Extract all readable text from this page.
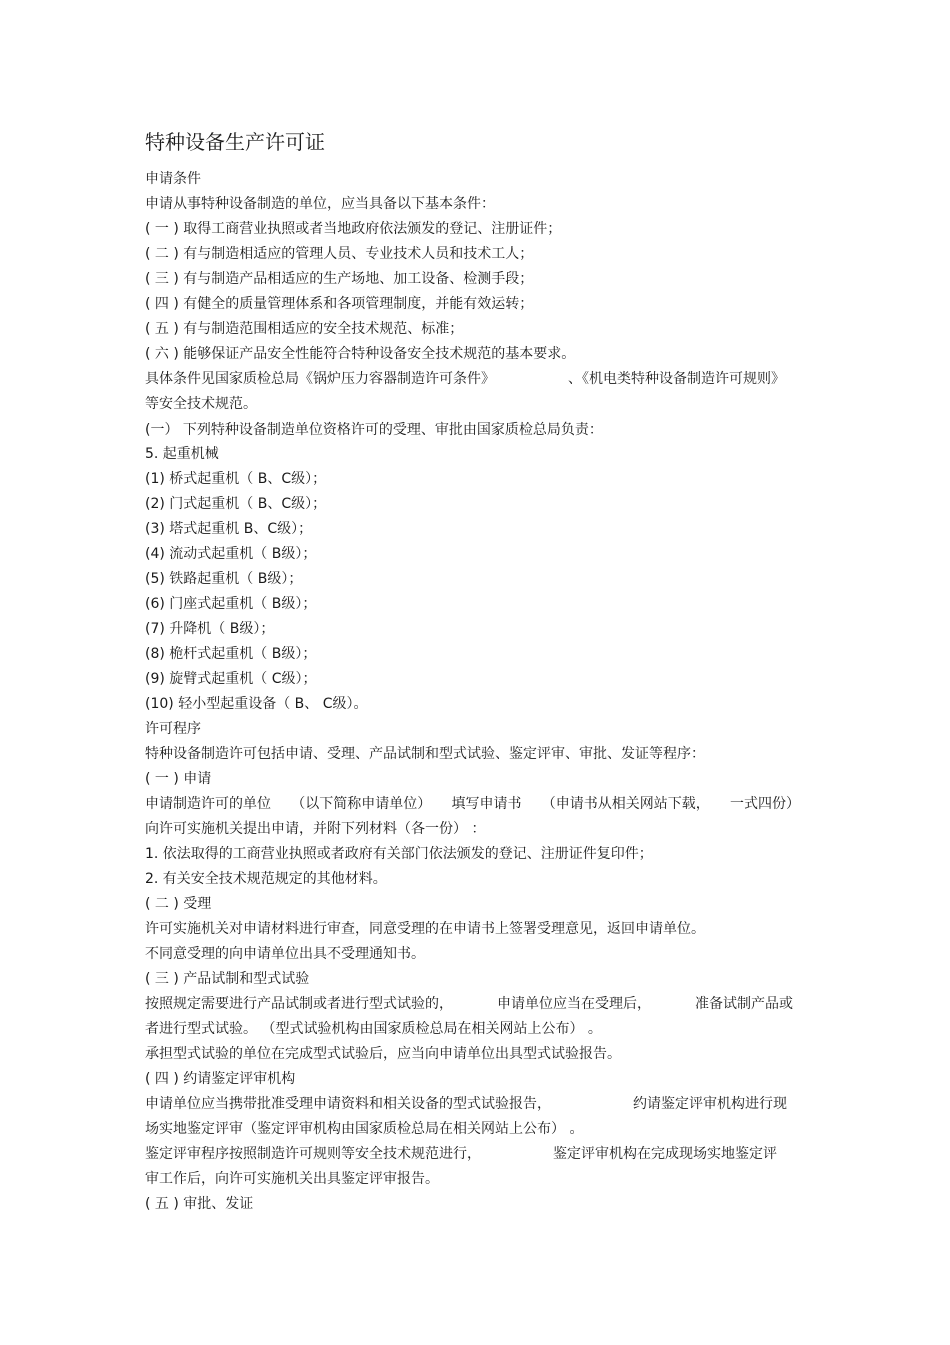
特种设备生产许可证
申请条件
申请从事特种设备制造的单位，应当具备以下基本条件：
( 一 ) 取得工商营业执照或者当地政府依法颁发的登记、注册证件；
( 二 ) 有与制造相适应的管理人员、专业技术人员和技术工人；
( 三 ) 有与制造产品相适应的生产场地、加工设备、检测手段；
( 四 ) 有健全的质量管理体系和各项管理制度，并能有效运转；
( 五 ) 有与制造范围相适应的安全技术规范、标准；
( 六 ) 能够保证产品安全性能符合特种设备安全技术规范的基本要求。
具体条件见国家质检总局《锅炉压力容器制造许可条件》	、《机电类特种设备制造许可规则》
等安全技术规范。
(一） 下列特种设备制造单位资格许可的受理、审批由国家质检总局负责：
5. 起重机械
(1) 桥式起重机（ B、C级）；
(2) 门式起重机（ B、C级）；
(3) 塔式起重机 B、C级）；
(4) 流动式起重机（ B级）；
(5) 铁路起重机（ B级）；
(6) 门座式起重机（ B级）；
(7) 升降机（ B级）；
(8) 桅杆式起重机（ B级）；
(9) 旋臂式起重机（ C级）；
(10) 轻小型起重设备（ B、 C级）。
许可程序
特种设备制造许可包括申请、受理、产品试制和型式试验、鉴定评审、审批、发证等程序：
( 一 ) 申请
申请制造许可的单位 （以下简称申请单位） 填写申请书 （申请书从相关网站下载， 一式四份）
向许可实施机关提出申请，并附下列材料（各一份） ：
1. 依法取得的工商营业执照或者政府有关部门依法颁发的登记、注册证件复印件；
2. 有关安全技术规范规定的其他材料。
( 二 ) 受理
许可实施机关对申请材料进行审查，同意受理的在申请书上签署受理意见，返回申请单位。
不同意受理的向申请单位出具不受理通知书。
( 三 ) 产品试制和型式试验
按照规定需要进行产品试制或者进行型式试验的，	申请单位应当在受理后，	准备试制产品或
者进行型式试验。 （型式试验机构由国家质检总局在相关网站上公布） 。
承担型式试验的单位在完成型式试验后，应当向申请单位出具型式试验报告。
( 四 ) 约请鉴定评审机构
申请单位应当携带批准受理申请资料和相关设备的型式试验报告，	约请鉴定评审机构进行现
场实地鉴定评审（鉴定评审机构由国家质检总局在相关网站上公布） 。
鉴定评审程序按照制造许可规则等安全技术规范进行，	鉴定评审机构在完成现场实地鉴定评
审工作后，向许可实施机关出具鉴定评审报告。
( 五 ) 审批、发证
